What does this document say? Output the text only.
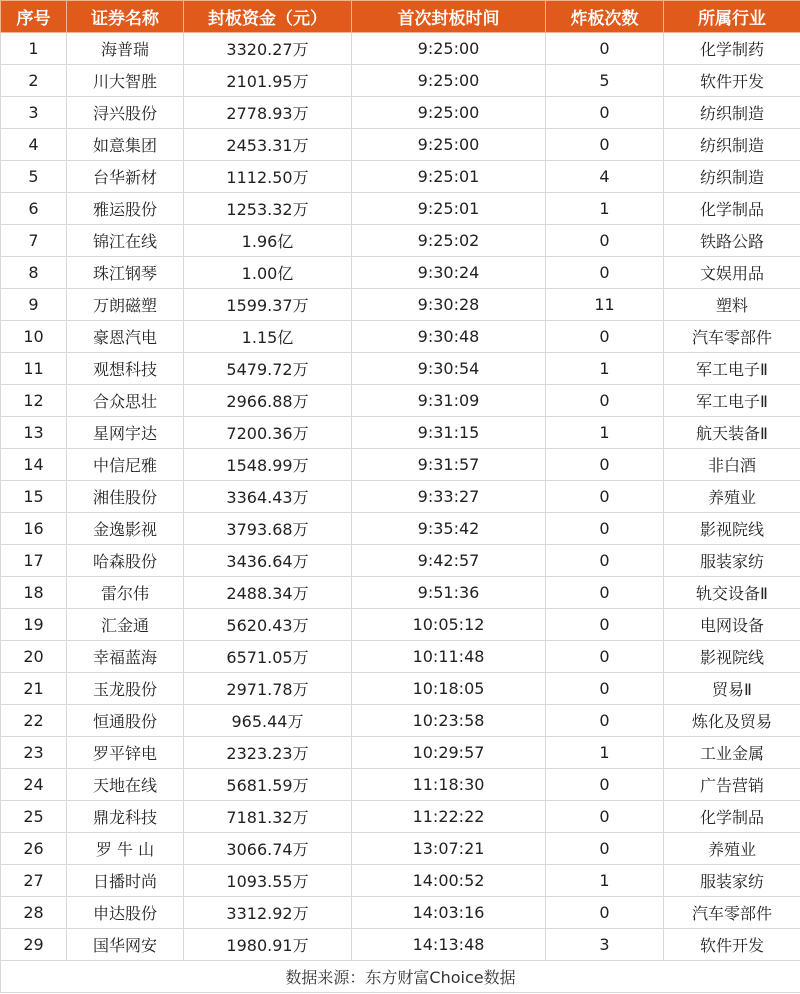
序号	证券名称	封板资金（元）	首次封板时间	炸板次数	所属行业
1	海普瑞	3320.27万	9:25:00	0	化学制药
2	川大智胜	2101.95万	9:25:00	5	软件开发
3	浔兴股份	2778.93万	9:25:00	0	纺织制造
4	如意集团	2453.31万	9:25:00	0	纺织制造
5	台华新材	1112.50万	9:25:01	4	纺织制造
6	雅运股份	1253.32万	9:25:01	1	化学制品
7	锦江在线	1.96亿	9:25:02	0	铁路公路
8	珠江钢琴	1.00亿	9:30:24	0	文娱用品
9	万朗磁塑	1599.37万	9:30:28	11	塑料
10	豪恩汽电	1.15亿	9:30:48	0	汽车零部件
11	观想科技	5479.72万	9:30:54	1	军工电子Ⅱ
12	合众思壮	2966.88万	9:31:09	0	军工电子Ⅱ
13	星网宇达	7200.36万	9:31:15	1	航天装备Ⅱ
14	中信尼雅	1548.99万	9:31:57	0	非白酒
15	湘佳股份	3364.43万	9:33:27	0	养殖业
16	金逸影视	3793.68万	9:35:42	0	影视院线
17	哈森股份	3436.64万	9:42:57	0	服装家纺
18	雷尔伟	2488.34万	9:51:36	0	轨交设备Ⅱ
19	汇金通	5620.43万	10:05:12	0	电网设备
20	幸福蓝海	6571.05万	10:11:48	0	影视院线
21	玉龙股份	2971.78万	10:18:05	0	贸易Ⅱ
22	恒通股份	965.44万	10:23:58	0	炼化及贸易
23	罗平锌电	2323.23万	10:29:57	1	工业金属
24	天地在线	5681.59万	11:18:30	0	广告营销
25	鼎龙科技	7181.32万	11:22:22	0	化学制品
26	罗 牛 山	3066.74万	13:07:21	0	养殖业
27	日播时尚	1093.55万	14:00:52	1	服装家纺
28	申达股份	3312.92万	14:03:16	0	汽车零部件
29	国华网安	1980.91万	14:13:48	3	软件开发
数据来源：东方财富Choice数据					
